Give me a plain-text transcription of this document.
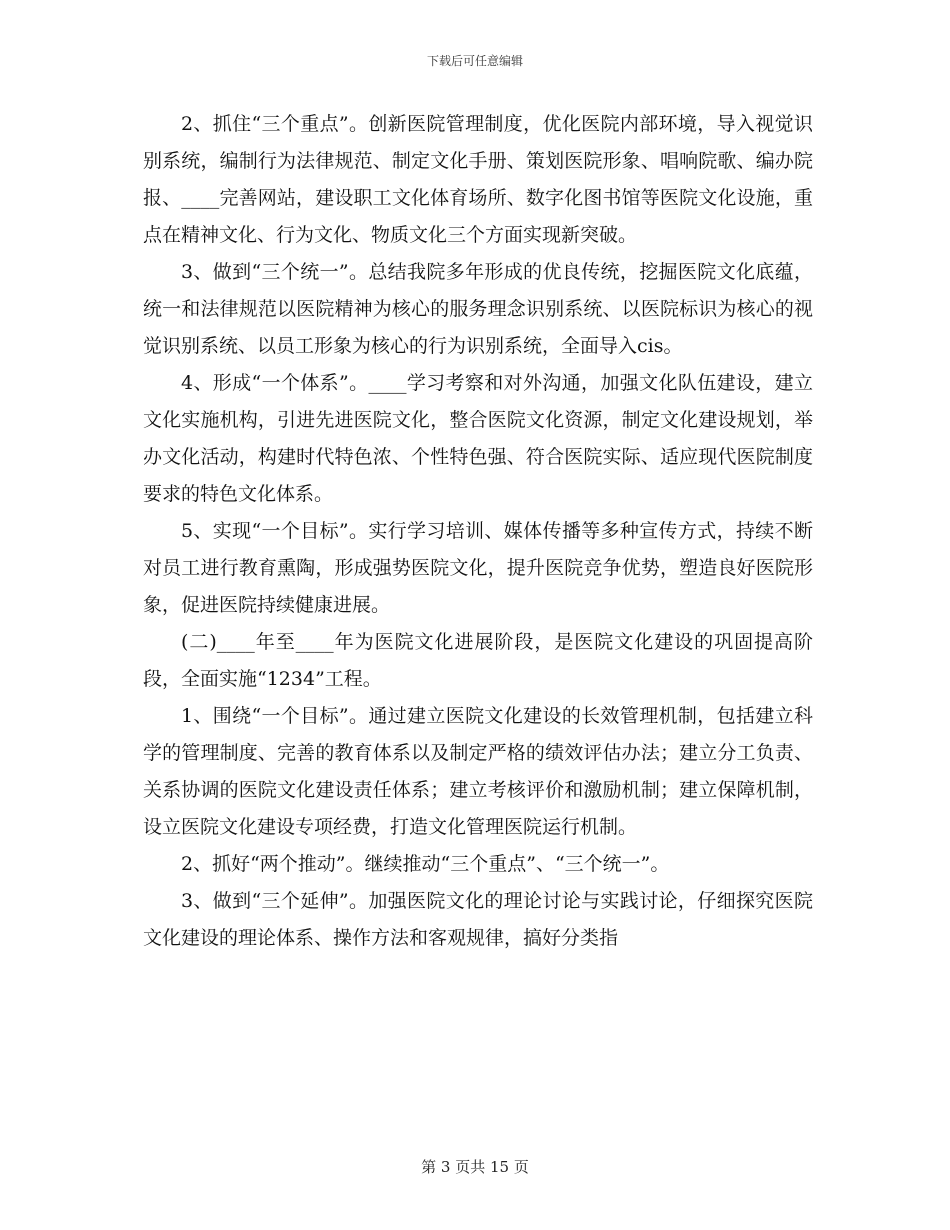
下载后可任意编辑

2、抓住“三个重点”。创新医院管理制度，优化医院内部环境，导入视觉识别系统，编制行为法律规范、制定文化手册、策划医院形象、唱响院歌、编办院报、____完善网站，建设职工文化体育场所、数字化图书馆等医院文化设施，重点在精神文化、行为文化、物质文化三个方面实现新突破。

3、做到“三个统一”。总结我院多年形成的优良传统，挖掘医院文化底蕴，统一和法律规范以医院精神为核心的服务理念识别系统、以医院标识为核心的视觉识别系统、以员工形象为核心的行为识别系统，全面导入cis。

4、形成“一个体系”。____学习考察和对外沟通，加强文化队伍建设，建立文化实施机构，引进先进医院文化，整合医院文化资源，制定文化建设规划，举办文化活动，构建时代特色浓、个性特色强、符合医院实际、适应现代医院制度要求的特色文化体系。

5、实现“一个目标”。实行学习培训、媒体传播等多种宣传方式，持续不断对员工进行教育熏陶，形成强势医院文化，提升医院竞争优势，塑造良好医院形象，促进医院持续健康进展。

(二)____年至____年为医院文化进展阶段，是医院文化建设的巩固提高阶段，全面实施“1234”工程。

1、围绕“一个目标”。通过建立医院文化建设的长效管理机制，包括建立科学的管理制度、完善的教育体系以及制定严格的绩效评估办法；建立分工负责、关系协调的医院文化建设责任体系；建立考核评价和激励机制；建立保障机制，设立医院文化建设专项经费，打造文化管理医院运行机制。

2、抓好“两个推动”。继续推动“三个重点”、“三个统一”。

3、做到“三个延伸”。加强医院文化的理论讨论与实践讨论，仔细探究医院文化建设的理论体系、操作方法和客观规律，搞好分类指

第 3 页共 15 页
